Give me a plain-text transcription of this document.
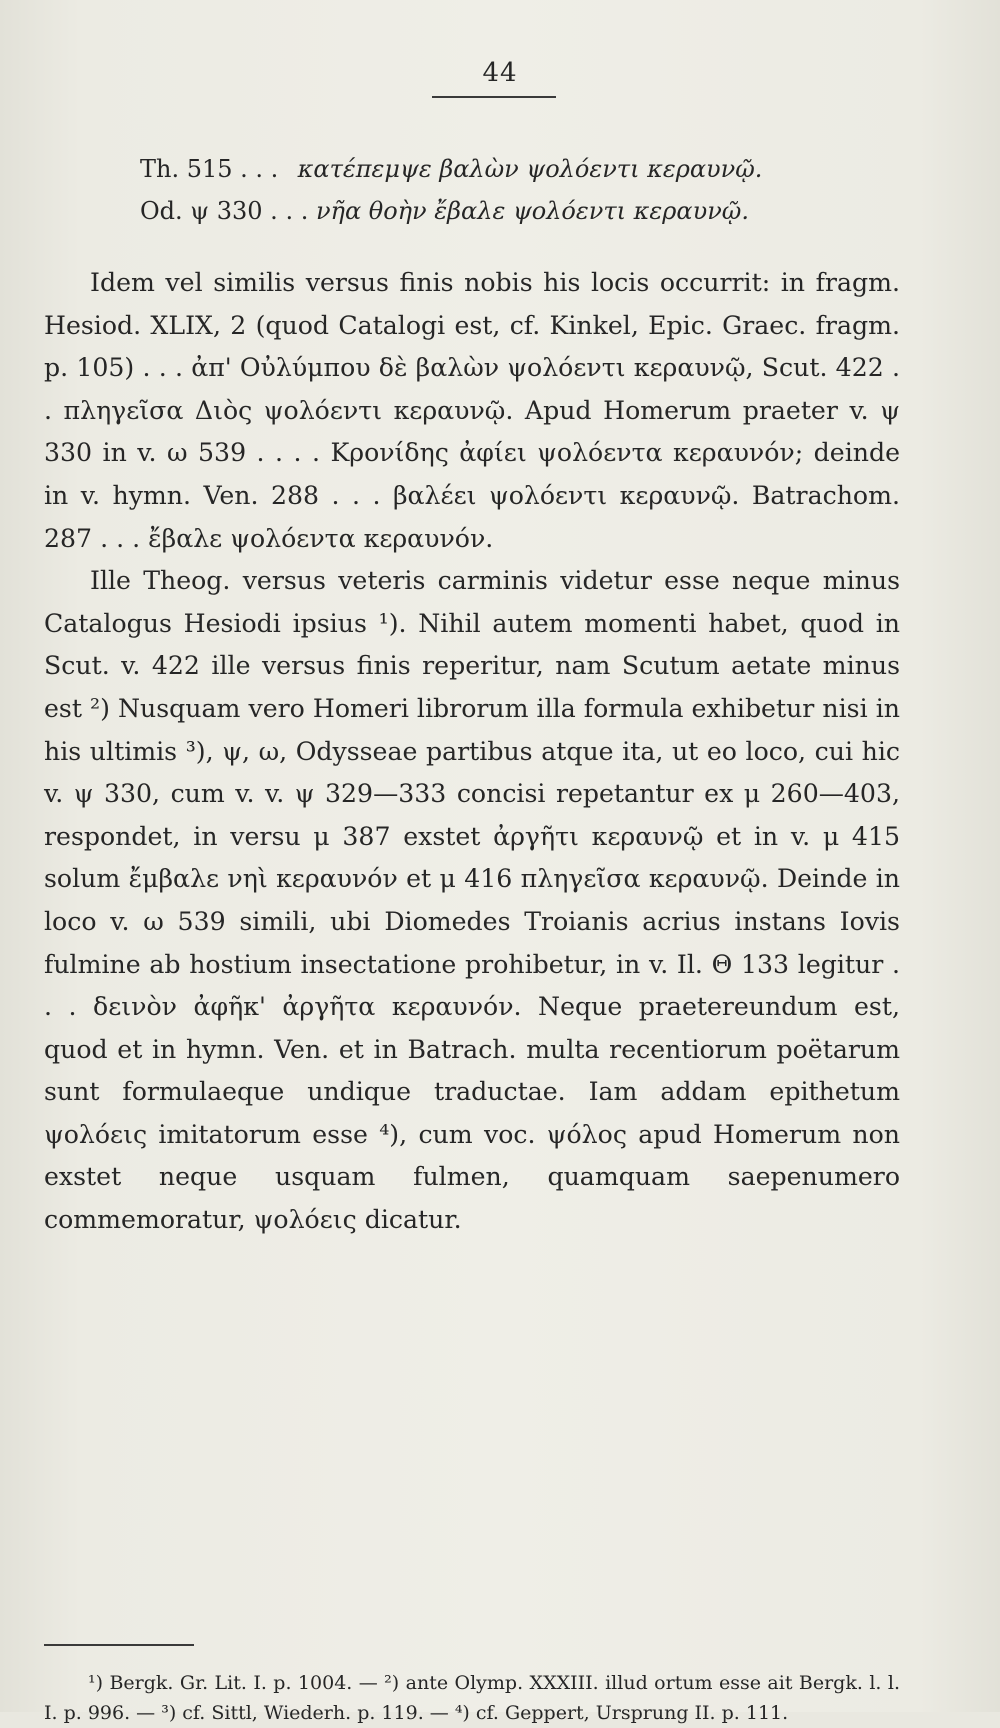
44
Th. 515 . . . κατέπεμψε βαλὼν ψολόεντι κεραυνῷ.
Od. ψ 330 . . . νῆα θοὴν ἔβαλε ψολόεντι κεραυνῷ.

Idem vel similis versus finis nobis his locis occurrit: in fragm. Hesiod. XLIX, 2 (quod Catalogi est, cf. Kinkel, Epic. Graec. fragm. p. 105) . . . ἀπ' Οὐλύμπου δὲ βαλὼν ψολόεντι κεραυνῷ, Scut. 422 . . πληγεῖσα Διὸς ψολόεντι κεραυνῷ. Apud Homerum praeter v. ψ 330 in v. ω 539 . . . . Κρονίδης ἀφίει ψολόεντα κεραυνόν; deinde in v. hymn. Ven. 288 . . . βαλέει ψολόεντι κεραυνῷ. Batrachom. 287 . . . ἔβαλε ψολόεντα κεραυνόν.

Ille Theog. versus veteris carminis videtur esse neque minus Catalogus Hesiodi ipsius ¹). Nihil autem momenti habet, quod in Scut. v. 422 ille versus finis reperitur, nam Scutum aetate minus est ²) Nusquam vero Homeri librorum illa formula exhibetur nisi in his ultimis ³), ψ, ω, Odysseae partibus atque ita, ut eo loco, cui hic v. ψ 330, cum v. v. ψ 329—333 concisi repetantur ex μ 260—403, respondet, in versu μ 387 exstet ἀργῆτι κεραυνῷ et in v. μ 415 solum ἔμβαλε νηὶ κεραυνόν et μ 416 πληγεῖσα κεραυνῷ. Deinde in loco v. ω 539 simili, ubi Diomedes Troianis acrius instans Iovis fulmine ab hostium insectatione prohibetur, in v. Il. Θ 133 legitur . . . δεινὸν ἀφῆκ' ἀργῆτα κεραυνόν. Neque praetereundum est, quod et in hymn. Ven. et in Batrach. multa recentiorum poëtarum sunt formulaeque undique traductae. Iam addam epithetum ψολόεις imitatorum esse ⁴), cum voc. ψόλος apud Homerum non exstet neque usquam fulmen, quamquam saepenumero commemoratur, ψολόεις dicatur.

¹) Bergk. Gr. Lit. I. p. 1004. — ²) ante Olymp. XXXIII. illud ortum esse ait Bergk. l. l. I. p. 996. — ³) cf. Sittl, Wiederh. p. 119. — ⁴) cf. Geppert, Ursprung II. p. 111.
